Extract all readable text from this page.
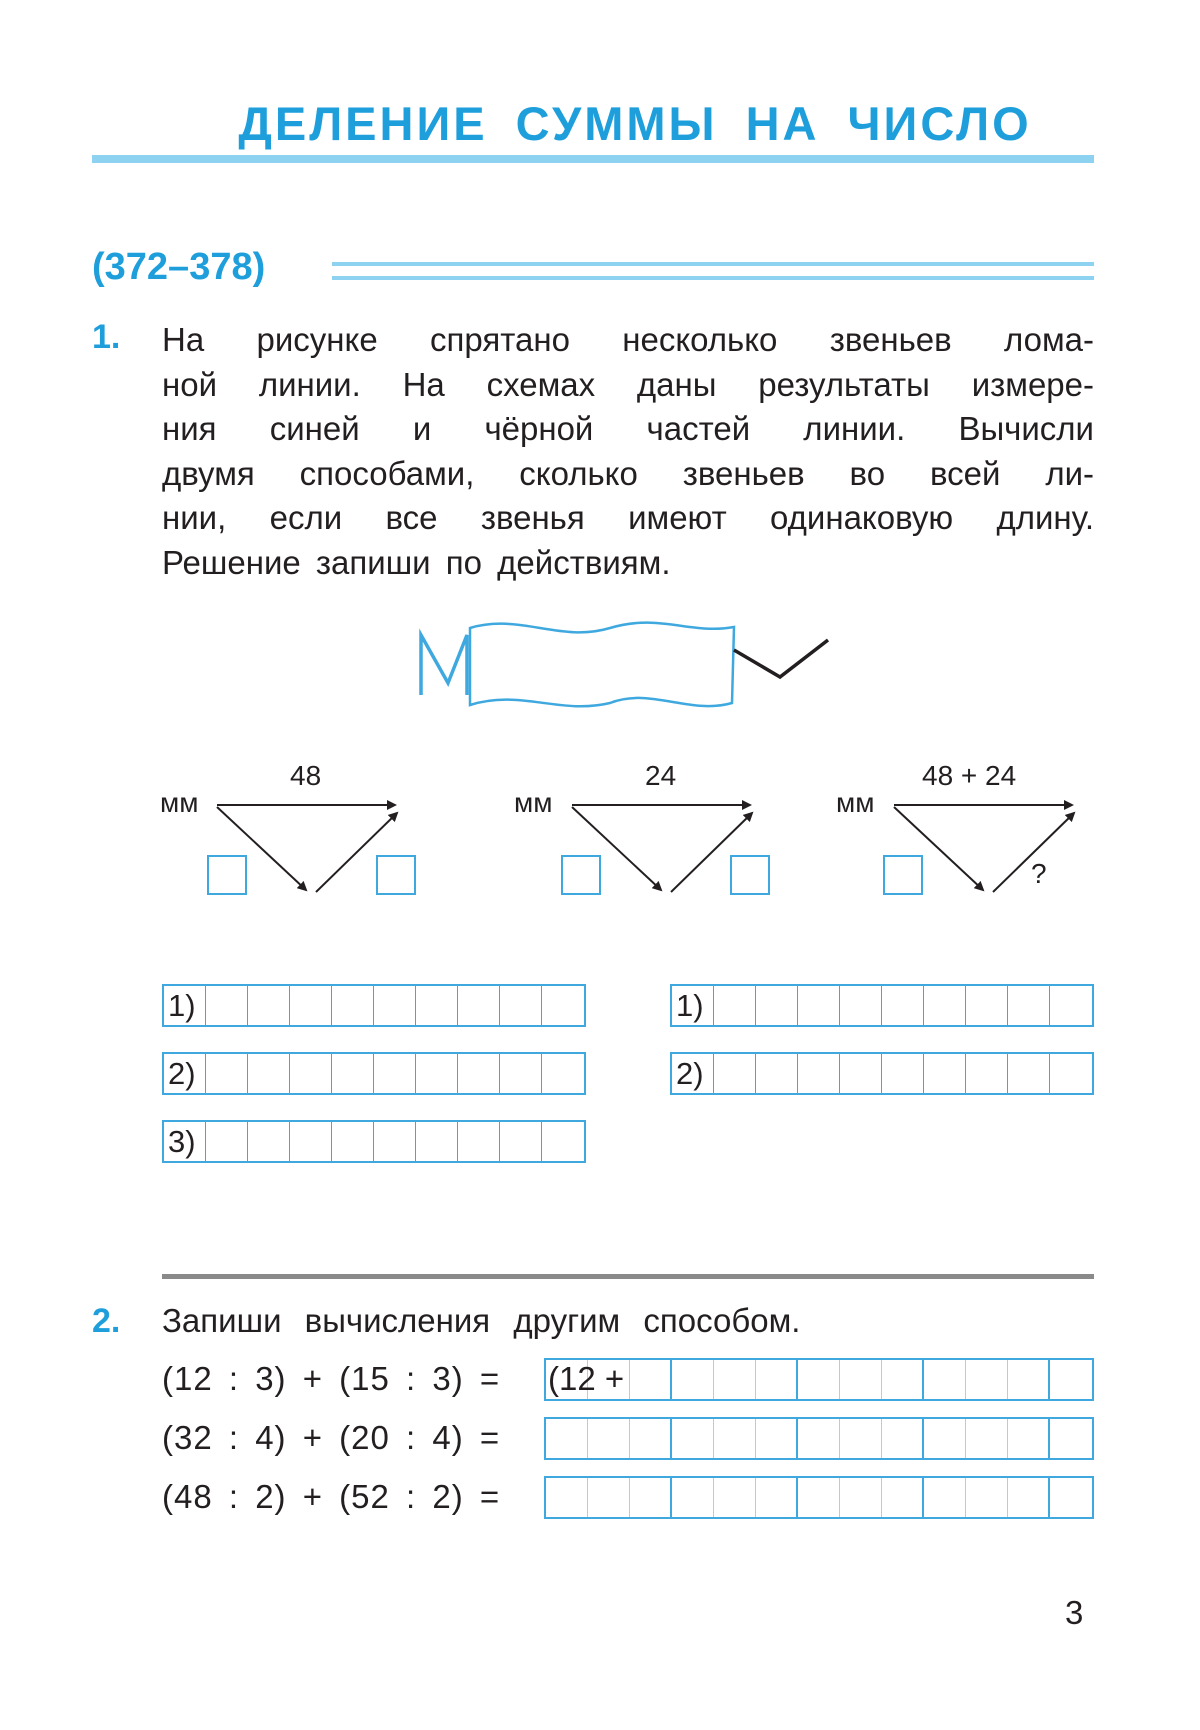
ДЕЛЕНИЕ СУММЫ НА ЧИСЛО
(372–378)
1. На рисунке спрятано несколько звеньев лома-
ной линии. На схемах даны результаты измере-
ния синей и чёрной частей линии. Вычисли
двумя способами, сколько звеньев во всей ли-
нии, если все звенья имеют одинаковую длину.
Решение запиши по действиям.
мм
48
мм
24
мм
48 + 24
?
1)
2)
3)
1)
2)
2. Запиши вычисления другим способом.
(12 : 3) + (15 : 3) = (12 +
(32 : 4) + (20 : 4) =
(48 : 2) + (52 : 2) =
3
